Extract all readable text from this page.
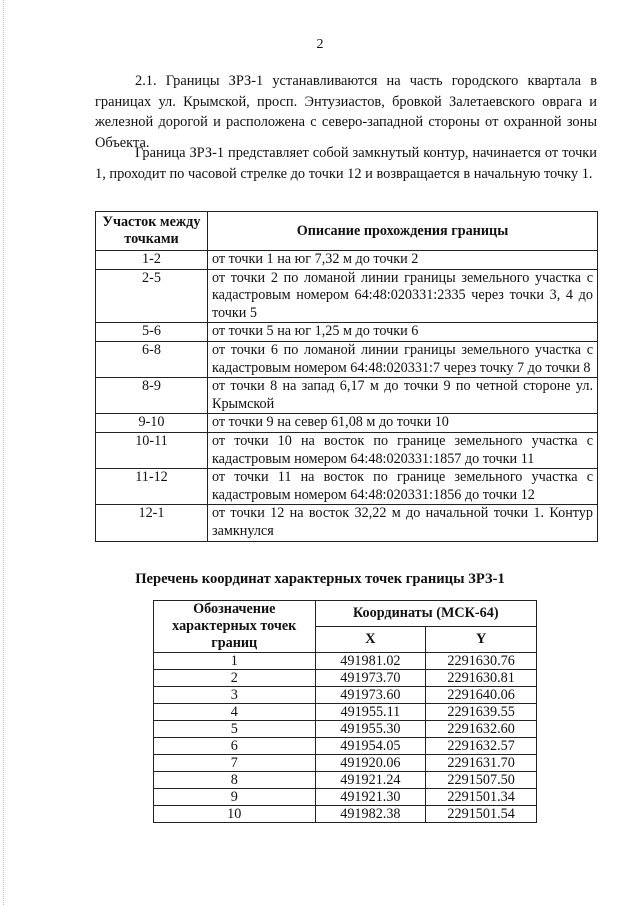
2

2.1. Границы ЗРЗ-1 устанавливаются на часть городского квартала в границах ул. Крымской, просп. Энтузиастов, бровкой Залетаевского оврага и железной дорогой и расположена с северо-западной стороны от охранной зоны Объекта.

Граница ЗРЗ-1 представляет собой замкнутый контур, начинается от точки 1, проходит по часовой стрелке до точки 12 и возвращается в начальную точку 1.

Участок между точками	Описание прохождения границы
1-2	от точки 1 на юг 7,32 м до точки 2
2-5	от точки 2 по ломаной линии границы земельного участка с кадастровым номером 64:48:020331:2335 через точки 3, 4 до точки 5
5-6	от точки 5 на юг 1,25 м до точки 6
6-8	от точки 6 по ломаной линии границы земельного участка с кадастровым номером 64:48:020331:7 через точку 7 до точки 8
8-9	от точки 8 на запад 6,17 м до точки 9 по четной стороне ул. Крымской
9-10	от точки 9 на север 61,08 м до точки 10
10-11	от точки 10 на восток по границе земельного участка с кадастровым номером 64:48:020331:1857 до точки 11
11-12	от точки 11 на восток по границе земельного участка с кадастровым номером 64:48:020331:1856 до точки 12
12-1	от точки 12 на восток 32,22 м до начальной точки 1. Контур замкнулся
Перечень координат характерных точек границы ЗРЗ-1
Обозначение характерных точек границ	Координаты (МСК-64)	
	X	Y
1	491981.02	2291630.76
2	491973.70	2291630.81
3	491973.60	2291640.06
4	491955.11	2291639.55
5	491955.30	2291632.60
6	491954.05	2291632.57
7	491920.06	2291631.70
8	491921.24	2291507.50
9	491921.30	2291501.34
10	491982.38	2291501.54
